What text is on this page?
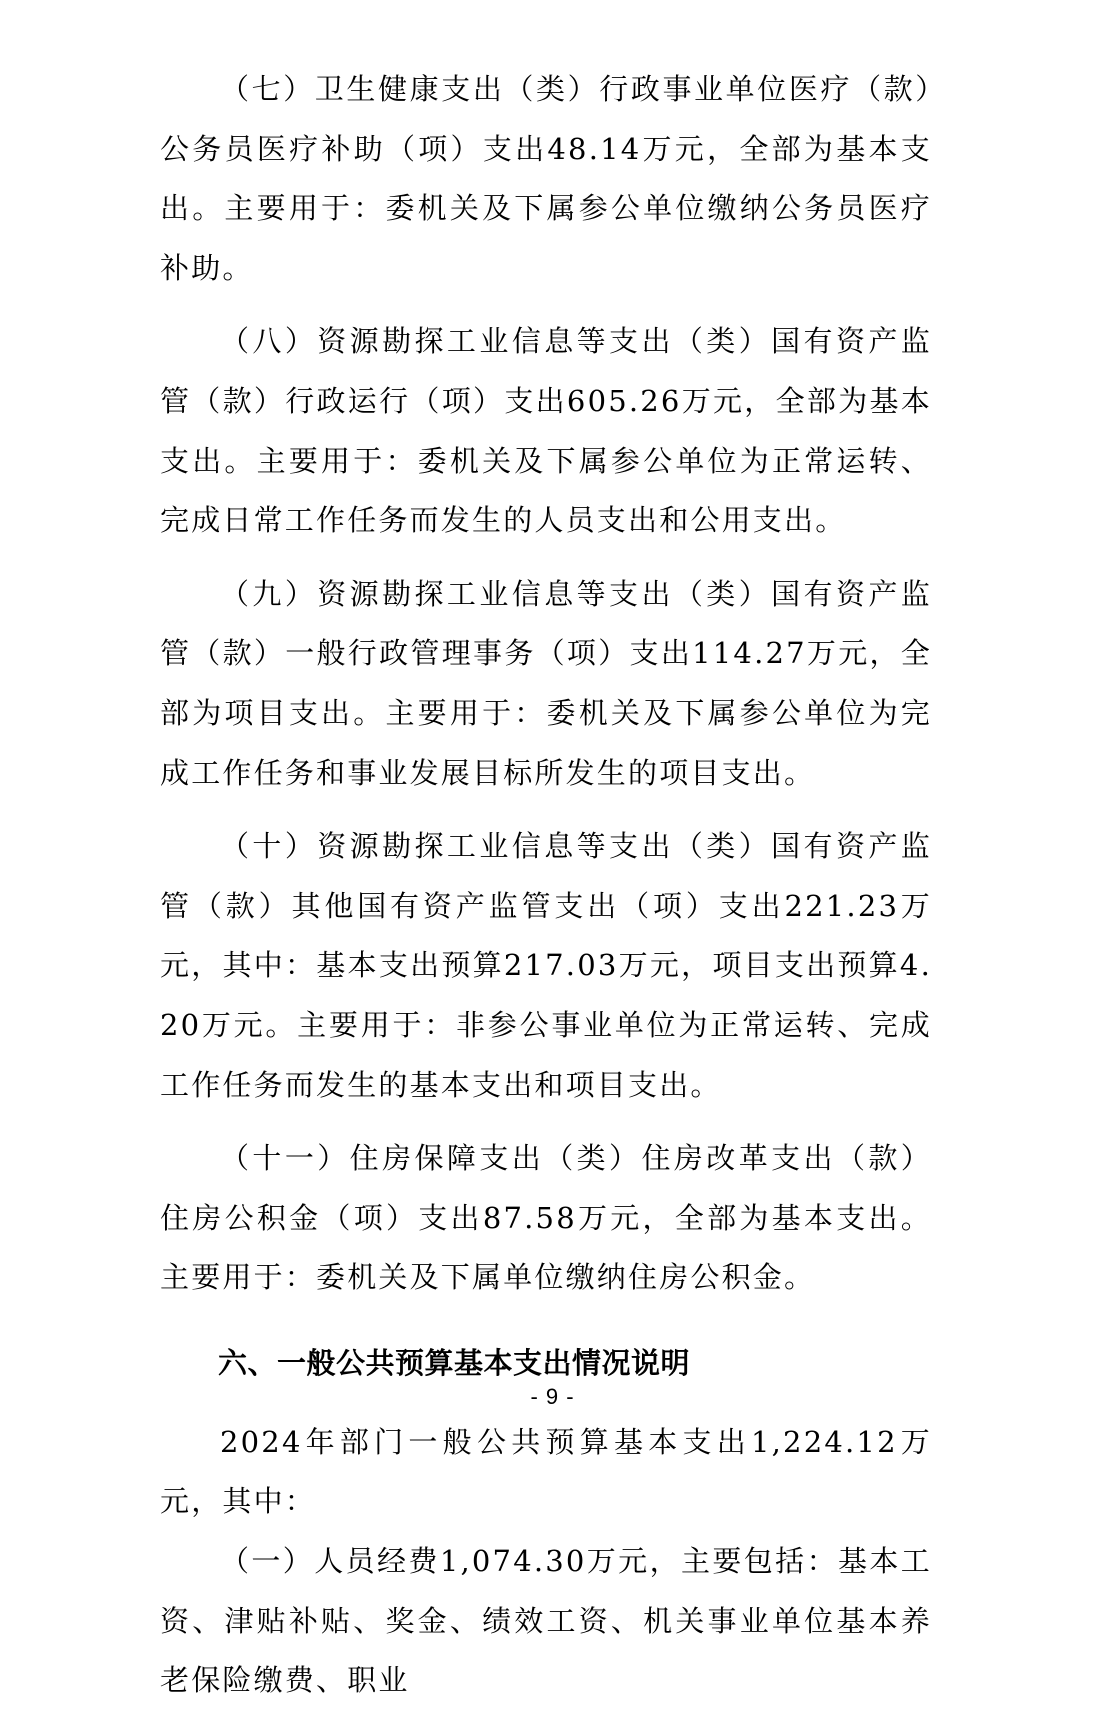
（七）卫生健康支出（类）行政事业单位医疗（款）公务员医疗补助（项）支出48.14万元，全部为基本支出。主要用于：委机关及下属参公单位缴纳公务员医疗补助。

（八）资源勘探工业信息等支出（类）国有资产监管（款）行政运行（项）支出605.26万元，全部为基本支出。主要用于：委机关及下属参公单位为正常运转、完成日常工作任务而发生的人员支出和公用支出。

（九）资源勘探工业信息等支出（类）国有资产监管（款）一般行政管理事务（项）支出114.27万元，全部为项目支出。主要用于：委机关及下属参公单位为完成工作任务和事业发展目标所发生的项目支出。

（十）资源勘探工业信息等支出（类）国有资产监管（款）其他国有资产监管支出（项）支出221.23万元，其中：基本支出预算217.03万元，项目支出预算4.20万元。主要用于：非参公事业单位为正常运转、完成工作任务而发生的基本支出和项目支出。

（十一）住房保障支出（类）住房改革支出（款）住房公积金（项）支出87.58万元，全部为基本支出。主要用于：委机关及下属单位缴纳住房公积金。

六、一般公共预算基本支出情况说明

2024年部门一般公共预算基本支出1,224.12万元，其中：

（一）人员经费1,074.30万元，主要包括：基本工资、津贴补贴、奖金、绩效工资、机关事业单位基本养老保险缴费、职业

- 9 -
